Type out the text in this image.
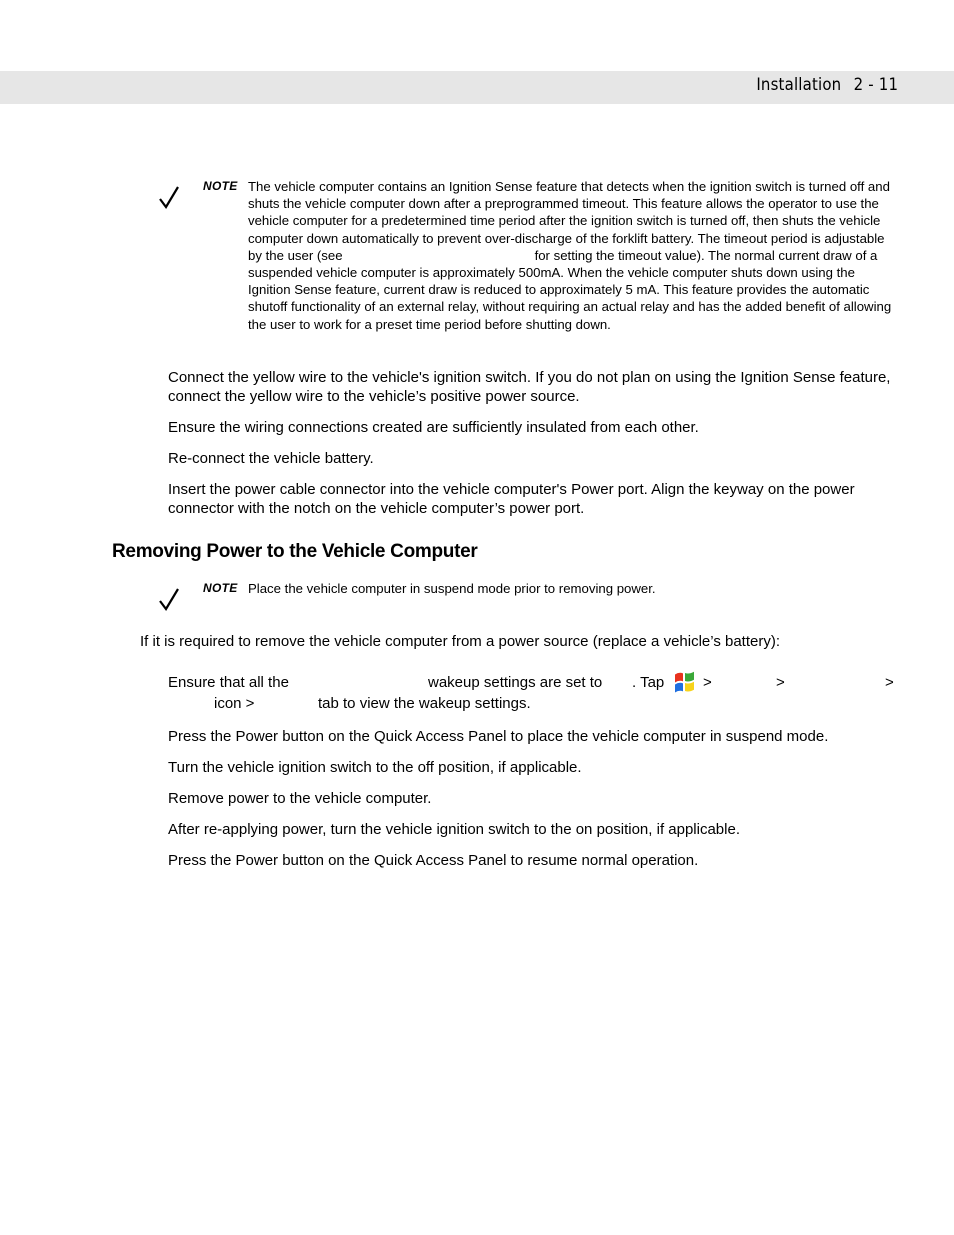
Installation 2 - 11
NOTE The vehicle computer contains an Ignition Sense feature that detects when the ignition switch is turned off and shuts the vehicle computer down after a preprogrammed timeout. This feature allows the operator to use the vehicle computer for a predetermined time period after the ignition switch is turned off, then shuts the vehicle computer down automatically to prevent over-discharge of the forklift battery. The timeout period is adjustable by the user (see	for setting the timeout value). The normal current draw of a suspended vehicle computer is approximately 500mA. When the vehicle computer shuts down using the Ignition Sense feature, current draw is reduced to approximately 5 mA. This feature provides the automatic shutoff functionality of an external relay, without requiring an actual relay and has the added benefit of allowing the user to work for a preset time period before shutting down.
Connect the yellow wire to the vehicle's ignition switch. If you do not plan on using the Ignition Sense feature, connect the yellow wire to the vehicle’s positive power source.
Ensure the wiring connections created are sufficiently insulated from each other.
Re-connect the vehicle battery.
Insert the power cable connector into the vehicle computer's Power port. Align the keyway on the power connector with the notch on the vehicle computer’s power port.
Removing Power to the Vehicle Computer
NOTE Place the vehicle computer in suspend mode prior to removing power.
If it is required to remove the vehicle computer from a power source (replace a vehicle’s battery):
Ensure that all the	wakeup settings are set to . Tap	>	>	>
icon >	tab to view the wakeup settings.
Press the Power button on the Quick Access Panel to place the vehicle computer in suspend mode.
Turn the vehicle ignition switch to the off position, if applicable.
Remove power to the vehicle computer.
After re-applying power, turn the vehicle ignition switch to the on position, if applicable.
Press the Power button on the Quick Access Panel to resume normal operation.
